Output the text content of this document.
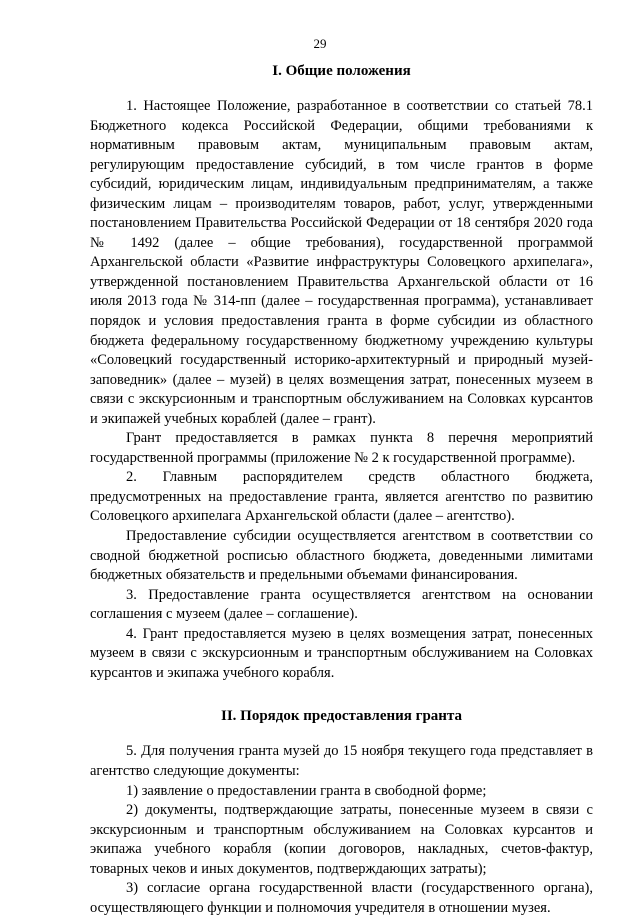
29
I. Общие положения

1. Настоящее Положение, разработанное в соответствии со статьей 78.1 Бюджетного кодекса Российской Федерации, общими требованиями к нормативным правовым актам, муниципальным правовым актам, регулирующим предоставление субсидий, в том числе грантов в форме субсидий, юридическим лицам, индивидуальным предпринимателям, а также физическим лицам – производителям товаров, работ, услуг, утвержденными постановлением Правительства Российской Федерации от 18 сентября 2020 года № 1492 (далее – общие требования), государственной программой Архангельской области «Развитие инфраструктуры Соловецкого архипелага», утвержденной постановлением Правительства Архангельской области от 16 июля 2013 года № 314-пп (далее – государственная программа), устанавливает порядок и условия предоставления гранта в форме субсидии из областного бюджета федеральному государственному бюджетному учреждению культуры «Соловецкий государственный историко-архитектурный и природный музей-заповедник» (далее – музей) в целях возмещения затрат, понесенных музеем в связи с экскурсионным и транспортным обслуживанием на Соловках курсантов и экипажей учебных кораблей (далее – грант).

Грант предоставляется в рамках пункта 8 перечня мероприятий государственной программы (приложение № 2 к государственной программе).

2. Главным распорядителем средств областного бюджета, предусмотренных на предоставление гранта, является агентство по развитию Соловецкого архипелага Архангельской области (далее – агентство).

Предоставление субсидии осуществляется агентством в соответствии со сводной бюджетной росписью областного бюджета, доведенными лимитами бюджетных обязательств и предельными объемами финансирования.

3. Предоставление гранта осуществляется агентством на основании соглашения с музеем (далее – соглашение).

4. Грант предоставляется музею в целях возмещения затрат, понесенных музеем в связи с экскурсионным и транспортным обслуживанием на Соловках курсантов и экипажа учебного корабля.

II. Порядок предоставления гранта

5. Для получения гранта музей до 15 ноября текущего года представляет в агентство следующие документы:

1) заявление о предоставлении гранта в свободной форме;

2) документы, подтверждающие затраты, понесенные музеем в связи с экскурсионным и транспортным обслуживанием на Соловках курсантов и экипажа учебного корабля (копии договоров, накладных, счетов-фактур, товарных чеков и иных документов, подтверждающих затраты);

3) согласие органа государственной власти (государственного органа), осуществляющего функции и полномочия учредителя в отношении музея.
